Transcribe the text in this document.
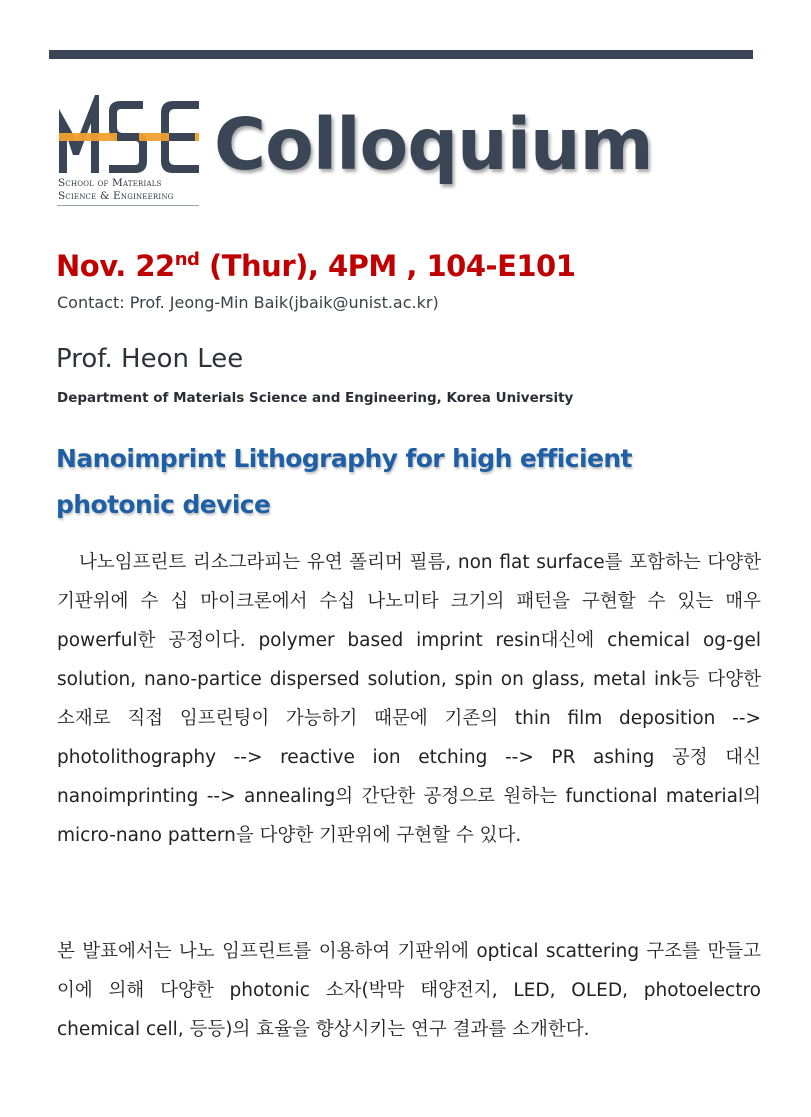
School of Materials
Science & Engineering
Colloquium
Nov. 22nd (Thur), 4PM , 104-E101
Contact: Prof. Jeong-Min Baik(jbaik@unist.ac.kr)
Prof. Heon Lee
Department of Materials Science and Engineering, Korea University
Nanoimprint Lithography for high efficient
photonic device

나노임프린트 리소그라피는 유연 폴리머 필름, non flat surface를 포함하는 다양한 기판위에 수 십 마이크론에서 수십 나노미타 크기의 패턴을 구현할 수 있는 매우 powerful한 공정이다. polymer based imprint resin대신에 chemical og-gel solution, nano-partice dispersed solution, spin on glass, metal ink등 다양한 소재로 직접 임프린팅이 가능하기 때문에 기존의 thin film deposition --> photolithography --> reactive ion etching --> PR ashing 공정 대신 nanoimprinting --> annealing의 간단한 공정으로 원하는 functional material의 micro-nano pattern을 다양한 기판위에 구현할 수 있다.

본 발표에서는 나노 임프린트를 이용하여 기판위에 optical scattering 구조를 만들고 이에 의해 다양한 photonic 소자(박막 태양전지, LED, OLED, photoelectro chemical cell, 등등)의 효율을 향상시키는 연구 결과를 소개한다.
